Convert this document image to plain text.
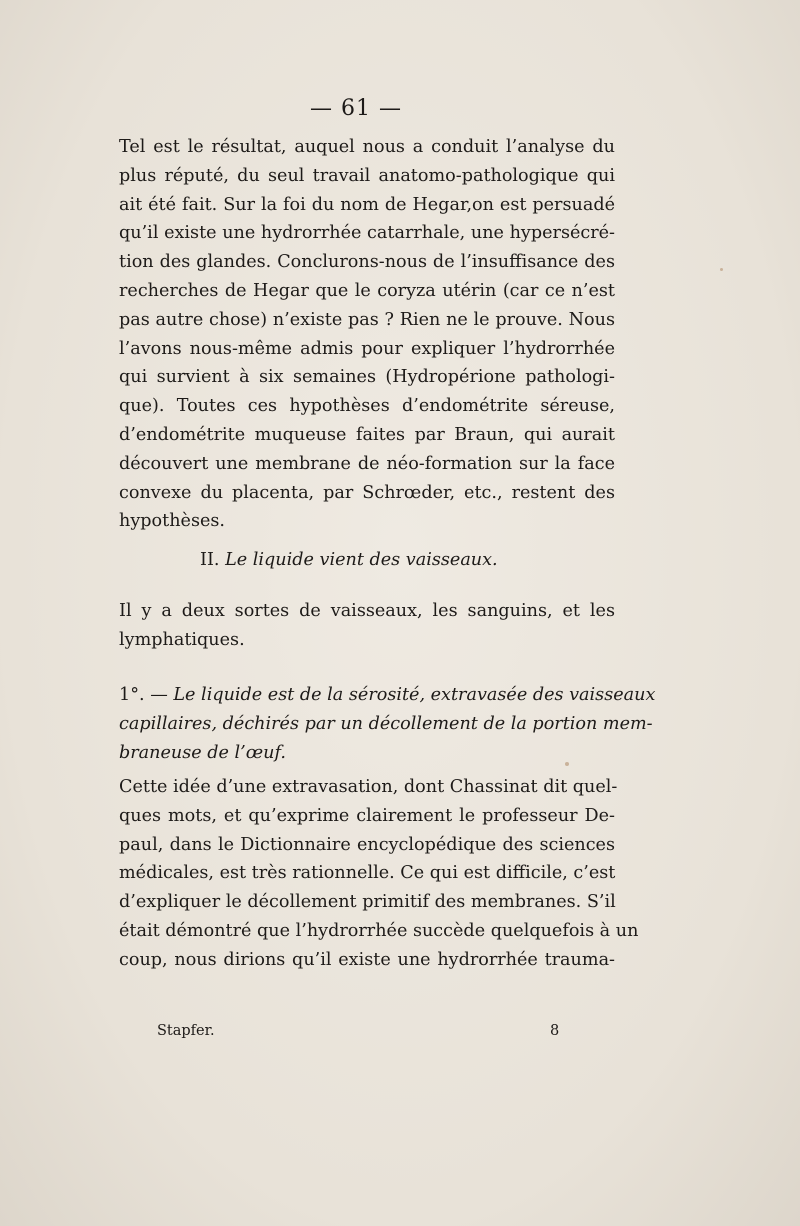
— 61 —
Tel est le résultat, auquel nous a conduit l’analyse du
plus réputé, du seul travail anatomo-pathologique qui
ait été fait. Sur la foi du nom de Hegar,on est persuadé
qu’il existe une hydrorrhée catarrhale, une hypersécré-
tion des glandes. Conclurons-nous de l’insuffisance des
recherches de Hegar que le coryza utérin (car ce n’est
pas autre chose) n’existe pas ? Rien ne le prouve. Nous
l’avons nous-même admis pour expliquer l’hydrorrhée
qui survient à six semaines (Hydropérione pathologi-
que). Toutes ces hypothèses d’endométrite séreuse,
d’endométrite muqueuse faites par Braun, qui aurait
découvert une membrane de néo-formation sur la face
convexe du placenta, par Schrœder, etc., restent des
hypothèses.
II. Le liquide vient des vaisseaux.
Il y a deux sortes de vaisseaux, les sanguins, et les
lymphatiques.
1°. — Le liquide est de la sérosité, extravasée des vaisseaux
capillaires, déchirés par un décollement de la portion mem-
braneuse de l’œuf.
Cette idée d’une extravasation, dont Chassinat dit quel-
ques mots, et qu’exprime clairement le professeur De-
paul, dans le Dictionnaire encyclopédique des sciences
médicales, est très rationnelle. Ce qui est difficile, c’est
d’expliquer le décollement primitif des membranes. S’il
était démontré que l’hydrorrhée succède quelquefois à un
coup, nous dirions qu’il existe une hydrorrhée trauma-
Stapfer.	8
